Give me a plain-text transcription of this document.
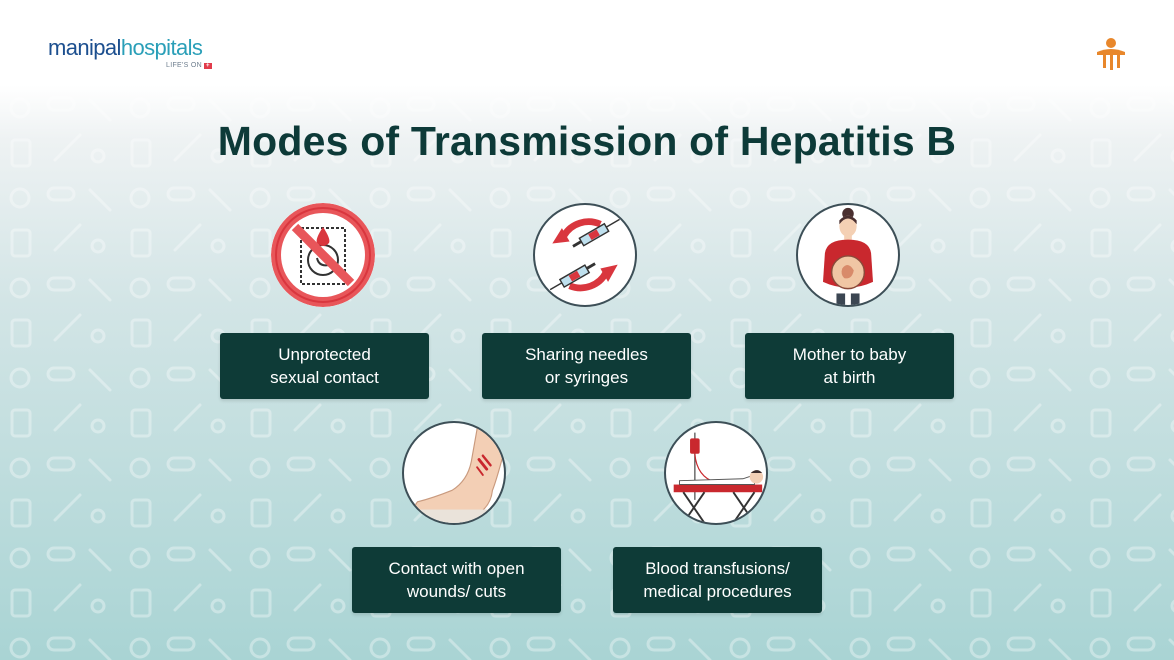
manipalhospitals
LIFE'S ON +
Modes of Transmission of Hepatitis B
Unprotected
sexual contact
Sharing needles
or syringes
Mother to baby
at birth
Contact with open
wounds/ cuts
Blood transfusions/
medical procedures
